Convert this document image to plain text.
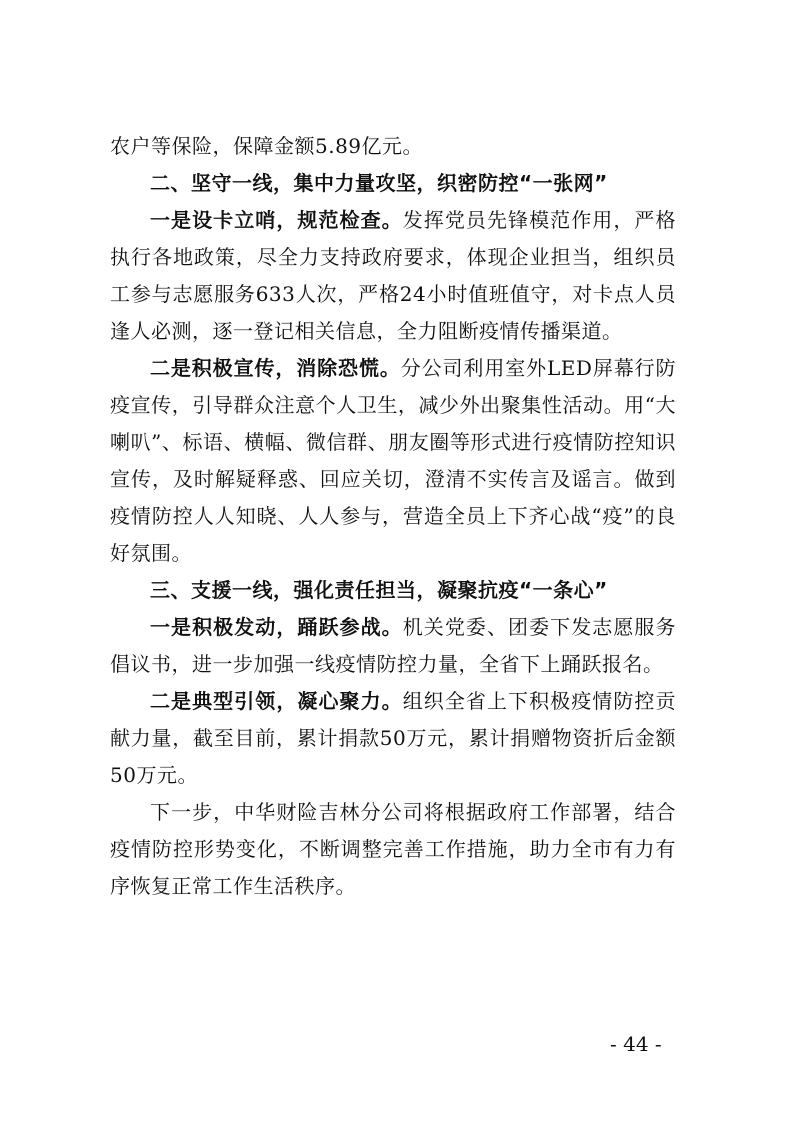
农户等保险，保障金额5.89亿元。

二、坚守一线，集中力量攻坚，织密防控“一张网”

一是设卡立哨，规范检查。发挥党员先锋模范作用，严格执行各地政策，尽全力支持政府要求，体现企业担当，组织员工参与志愿服务633人次，严格24小时值班值守，对卡点人员逢人必测，逐一登记相关信息，全力阻断疫情传播渠道。

二是积极宣传，消除恐慌。分公司利用室外LED屏幕行防疫宣传，引导群众注意个人卫生，减少外出聚集性活动。用“大喇叭”、标语、横幅、微信群、朋友圈等形式进行疫情防控知识宣传，及时解疑释惑、回应关切，澄清不实传言及谣言。做到疫情防控人人知晓、人人参与，营造全员上下齐心战“疫”的良好氛围。

三、支援一线，强化责任担当，凝聚抗疫“一条心”

一是积极发动，踊跃参战。机关党委、团委下发志愿服务倡议书，进一步加强一线疫情防控力量，全省下上踊跃报名。

二是典型引领，凝心聚力。组织全省上下积极疫情防控贡献力量，截至目前，累计捐款50万元，累计捐赠物资折后金额50万元。

下一步，中华财险吉林分公司将根据政府工作部署，结合疫情防控形势变化，不断调整完善工作措施，助力全市有力有序恢复正常工作生活秩序。

- 44 -
